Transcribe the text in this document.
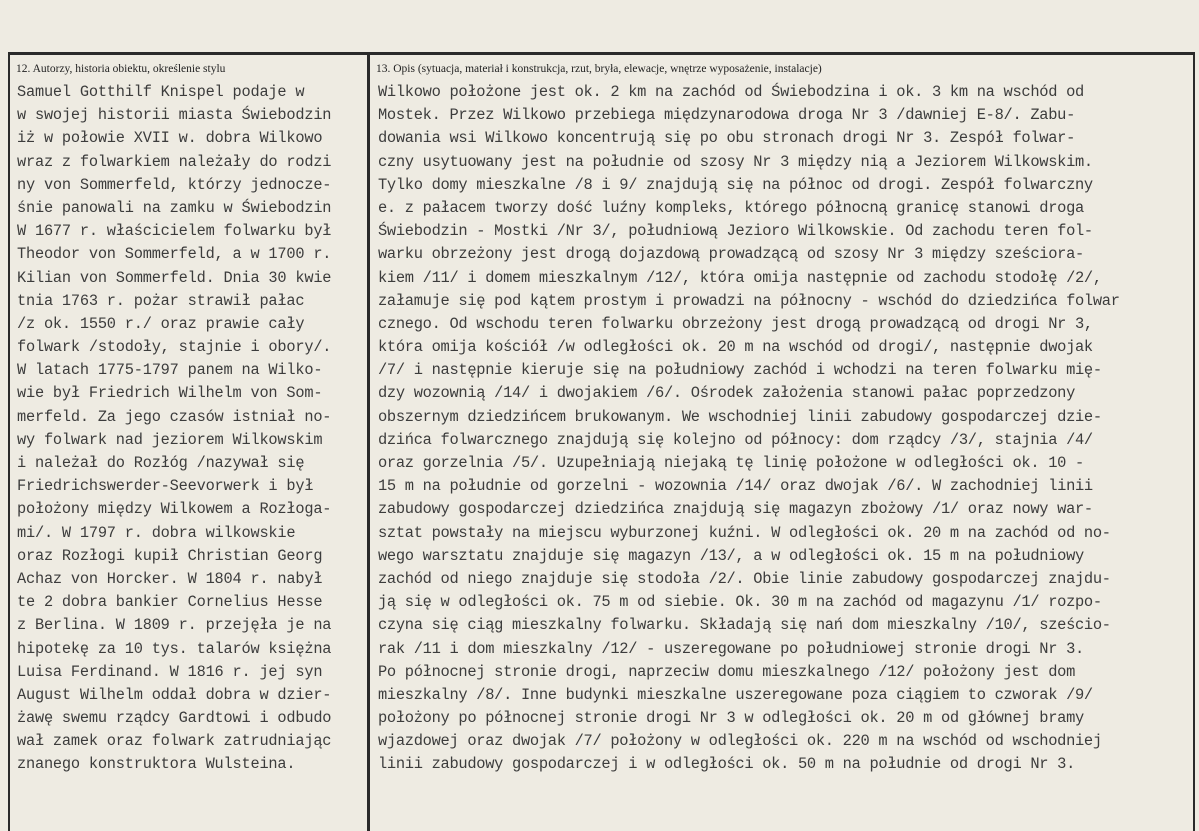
12. Autorzy, historia obiektu, określenie stylu	13. Opis (sytuacja, materiał i konstrukcja, rzut, bryła, elewacje, wnętrze wyposażenie, instalacje)
Samuel Gotthilf Knispel podaje w
w swojej historii miasta Świebodzin
iż w połowie XVII w. dobra Wilkowo
wraz z folwarkiem należały do rodzi
ny von Sommerfeld, którzy jednocze-
śnie panowali na zamku w Świebodzin
W 1677 r. właścicielem folwarku był
Theodor von Sommerfeld, a w 1700 r.
Kilian von Sommerfeld. Dnia 30 kwie
tnia 1763 r. pożar strawił pałac
/z ok. 1550 r./ oraz prawie cały
folwark /stodoły, stajnie i obory/.
W latach 1775-1797 panem na Wilko-
wie był Friedrich Wilhelm von Som-
merfeld. Za jego czasów istniał no-
wy folwark nad jeziorem Wilkowskim
i należał do Rozłóg /nazywał się
Friedrichswerder-Seevorwerk i był
położony między Wilkowem a Rozłoga-
mi/. W 1797 r. dobra wilkowskie
oraz Rozłogi kupił Christian Georg
Achaz von Horcker. W 1804 r. nabył
te 2 dobra bankier Cornelius Hesse
z Berlina. W 1809 r. przejęła je na
hipotekę za 10 tys. talarów księżna
Luisa Ferdinand. W 1816 r. jej syn
August Wilhelm oddał dobra w dzier-
żawę swemu rządcy Gardtowi i odbudo
wał zamek oraz folwark zatrudniając
znanego konstruktora Wulsteina.
Wilkowo położone jest ok. 2 km na zachód od Świebodzina i ok. 3 km na wschód od
Mostek. Przez Wilkowo przebiega międzynarodowa droga Nr 3 /dawniej E-8/. Zabu-
dowania wsi Wilkowo koncentrują się po obu stronach drogi Nr 3. Zespół folwar-
czny usytuowany jest na południe od szosy Nr 3 między nią a Jeziorem Wilkowskim.
Tylko domy mieszkalne /8 i 9/ znajdują się na północ od drogi. Zespół folwarczny
e. z pałacem tworzy dość luźny kompleks, którego północną granicę stanowi droga
Świebodzin - Mostki /Nr 3/, południową Jezioro Wilkowskie. Od zachodu teren fol-
warku obrzeżony jest drogą dojazdową prowadzącą od szosy Nr 3 między sześciora-
kiem /11/ i domem mieszkalnym /12/, która omija następnie od zachodu stodołę /2/,
załamuje się pod kątem prostym i prowadzi na północny - wschód do dziedzińca folwar
cznego. Od wschodu teren folwarku obrzeżony jest drogą prowadzącą od drogi Nr 3,
która omija kościół /w odległości ok. 20 m na wschód od drogi/, następnie dwojak
/7/ i następnie kieruje się na południowy zachód i wchodzi na teren folwarku mię-
dzy wozownią /14/ i dwojakiem /6/. Ośrodek założenia stanowi pałac poprzedzony
obszernym dziedzińcem brukowanym. We wschodniej linii zabudowy gospodarczej dzie-
dzińca folwarcznego znajdują się kolejno od północy: dom rządcy /3/, stajnia /4/
oraz gorzelnia /5/. Uzupełniają niejaką tę linię położone w odległości ok. 10 -
15 m na południe od gorzelni - wozownia /14/ oraz dwojak /6/. W zachodniej linii
zabudowy gospodarczej dziedzińca znajdują się magazyn zbożowy /1/ oraz nowy war-
sztat powstały na miejscu wyburzonej kuźni. W odległości ok. 20 m na zachód od no-
wego warsztatu znajduje się magazyn /13/, a w odległości ok. 15 m na południowy
zachód od niego znajduje się stodoła /2/. Obie linie zabudowy gospodarczej znajdu-
ją się w odległości ok. 75 m od siebie. Ok. 30 m na zachód od magazynu /1/ rozpo-
czyna się ciąg mieszkalny folwarku. Składają się nań dom mieszkalny /10/, sześcio-
rak /11 i dom mieszkalny /12/ - uszeregowane po południowej stronie drogi Nr 3.
Po północnej stronie drogi, naprzeciw domu mieszkalnego /12/ położony jest dom
mieszkalny /8/. Inne budynki mieszkalne uszeregowane poza ciągiem to czworak /9/
położony po północnej stronie drogi Nr 3 w odległości ok. 20 m od głównej bramy
wjazdowej oraz dwojak /7/ położony w odległości ok. 220 m na wschód od wschodniej
linii zabudowy gospodarczej i w odległości ok. 50 m na południe od drogi Nr 3.
